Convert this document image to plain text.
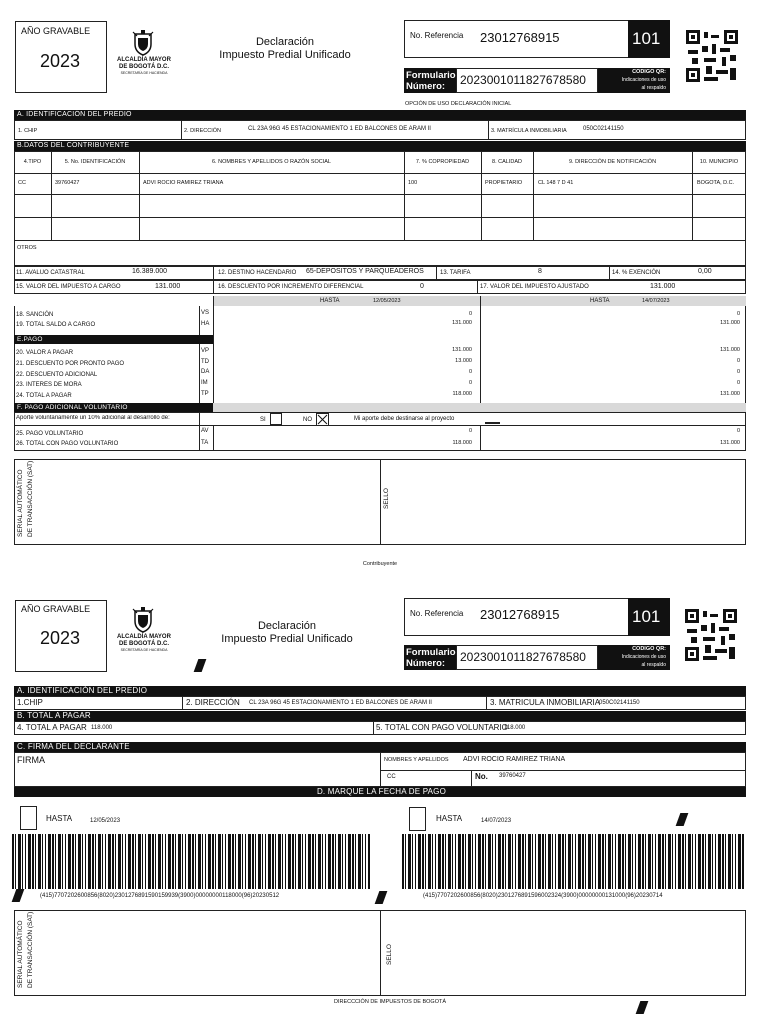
AÑO GRAVABLE
2023	ALCALDÍA MAYOR
DE BOGOTÁ D.C.
SECRETARÍA DE HACIENDA
Declaración
Impuesto Predial Unificado
No. Referencia 23012768915	101
Formulario
Número: 2023001011827678580
CODIGO QR:
Indicaciones de uso
al respaldo
OPCIÓN DE USO DECLARACIÓN INICIAL
A. IDENTIFICACIÓN DEL PREDIO
1. CHIP	2. DIRECCIÓN	CL 23A 96G 45 ESTACIONAMIENTO 1 ED BALCONES DE ARAM II	3. MATRÍCULA INMOBILIARIA	050C02141150
B.DATOS DEL CONTRIBUYENTE
4.TIPO	5. No. IDENTIFICACIÓN	6. NOMBRES Y APELLIDOS O RAZÓN SOCIAL	7. % COPROPIEDAD	8. CALIDAD	9. DIRECCIÓN DE NOTIFICACIÓN	10. MUNICIPIO
CC	39760427	ADVI ROCIO RAMIREZ TRIANA	100	PROPIETARIO	CL 148 7 D 41	BOGOTA, D.C.
OTROS
11. AVALUO CATASTRAL	16.389.000	12. DESTINO HACENDARIO 65-DEPOSITOS Y PARQUEADEROS	13. TARIFA	8	14. % EXENCIÓN	0,00
15. VALOR DEL IMPUESTO A CARGO	131.000	16. DESCUENTO POR INCREMENTO DIFERENCIAL	0	17. VALOR DEL IMPUESTO AJUSTADO	131.000
HASTA	12/05/2023	HASTA	14/07/2023
18. SANCIÓN	VS	0	0
19. TOTAL SALDO A CARGO	HA	131.000	131.000
E.PAGO
20. VALOR A PAGAR	VP	131.000	131.000
21. DESCUENTO POR PRONTO PAGO	TD	13.000	0
22. DESCUENTO ADICIONAL	DA	0	0
23. INTERES DE MORA	IM	0	0
24. TOTAL A PAGAR	TP	118.000	131.000
F. PAGO ADICIONAL VOLUNTARIO
Aporte voluntariamente un 10% adicional al desarrollo de:	SI	NO	Mi aporte debe destinarse al proyecto
25. PAGO VOLUNTARIO	AV	0	0
26. TOTAL CON PAGO VOLUNTARIO	TA	118.000	131.000
SERIAL AUTOMÁTICO DE TRANSACCIÓN (SAT)	SELLO
Contribuyente
AÑO GRAVABLE
2023	ALCALDÍA MAYOR
DE BOGOTÁ D.C.
SECRETARÍA DE HACIENDA
Declaración
Impuesto Predial Unificado
No. Referencia 23012768915	101
Formulario
Número: 2023001011827678580
CODIGO QR:
Indicaciones de uso
al respaldo
A. IDENTIFICACIÓN DEL PREDIO
1.CHIP	2. DIRECCIÓN CL 23A 96G 45 ESTACIONAMIENTO 1 ED BALCONES DE ARAM II	3. MATRICULA INMOBILIARIA
050C02141150
B. TOTAL A PAGAR
4. TOTAL A PAGAR 118.000	5. TOTAL CON PAGO VOLUNTARIO
118.000
C. FIRMA DEL DECLARANTE
FIRMA	NOMBRES Y APELLIDOS ADVI ROCIO RAMIREZ TRIANA
CC	No. 39760427
D. MARQUE LA FECHA DE PAGO
HASTA	12/05/2023	HASTA	14/07/2023
(415)7707202600856(8020)2301276891590159939(3900)00000000118000(96)20230512	(415)7707202600856(8020)2301276891596002324(3900)00000000131000(96)20230714
SERIAL AUTOMÁTICO DE TRANSACCIÓN (SAT)	SELLO
DIRECCCIÓN DE IMPUESTOS DE BOGOTÁ
